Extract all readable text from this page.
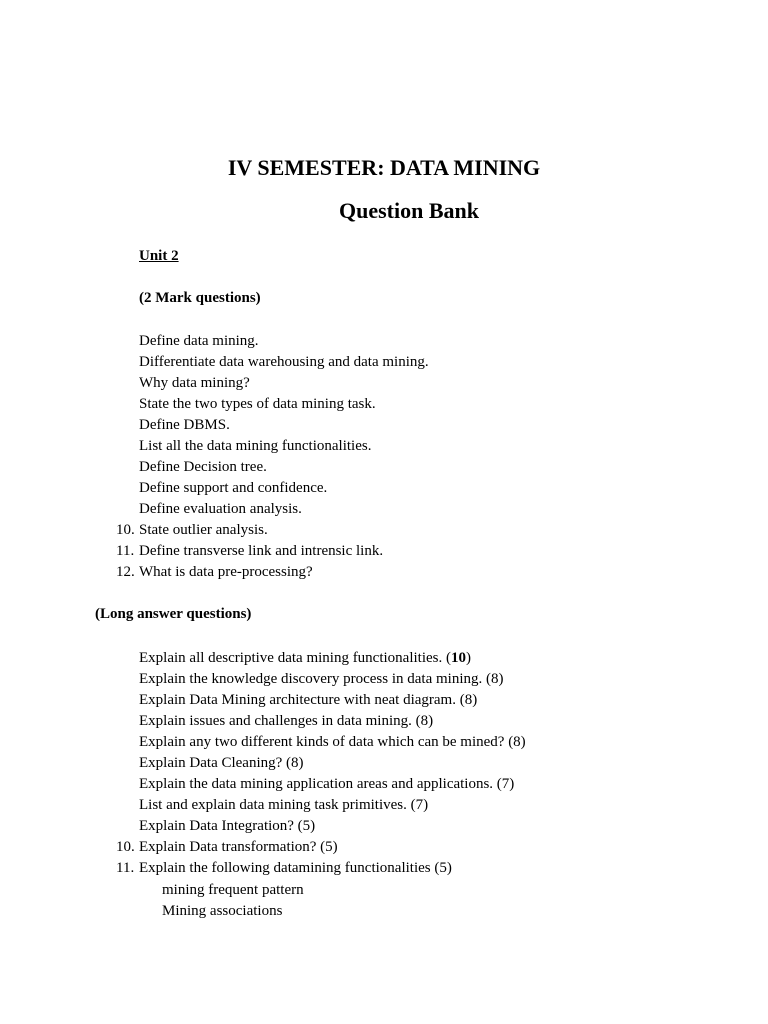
IV SEMESTER: DATA MINING
Question Bank
Unit 2
(2 Mark questions)
Define data mining.
Differentiate data warehousing and data mining.
Why data mining?
State the two types of data mining task.
Define DBMS.
List all the data mining functionalities.
Define Decision tree.
Define support and confidence.
Define evaluation analysis.
10. State outlier analysis.
11. Define transverse link and intrensic link.
12. What is data pre-processing?
(Long answer questions)
Explain all descriptive data mining functionalities. (10)
Explain the knowledge discovery process in data mining. (8)
Explain Data Mining architecture with neat diagram. (8)
Explain issues and challenges in data mining. (8)
Explain any two different kinds of data which can be mined? (8)
Explain Data Cleaning? (8)
Explain the data mining application areas and applications. (7)
List and explain data mining task primitives. (7)
Explain Data Integration? (5)
10. Explain Data transformation? (5)
11. Explain the following datamining functionalities (5)
mining frequent pattern
Mining associations
